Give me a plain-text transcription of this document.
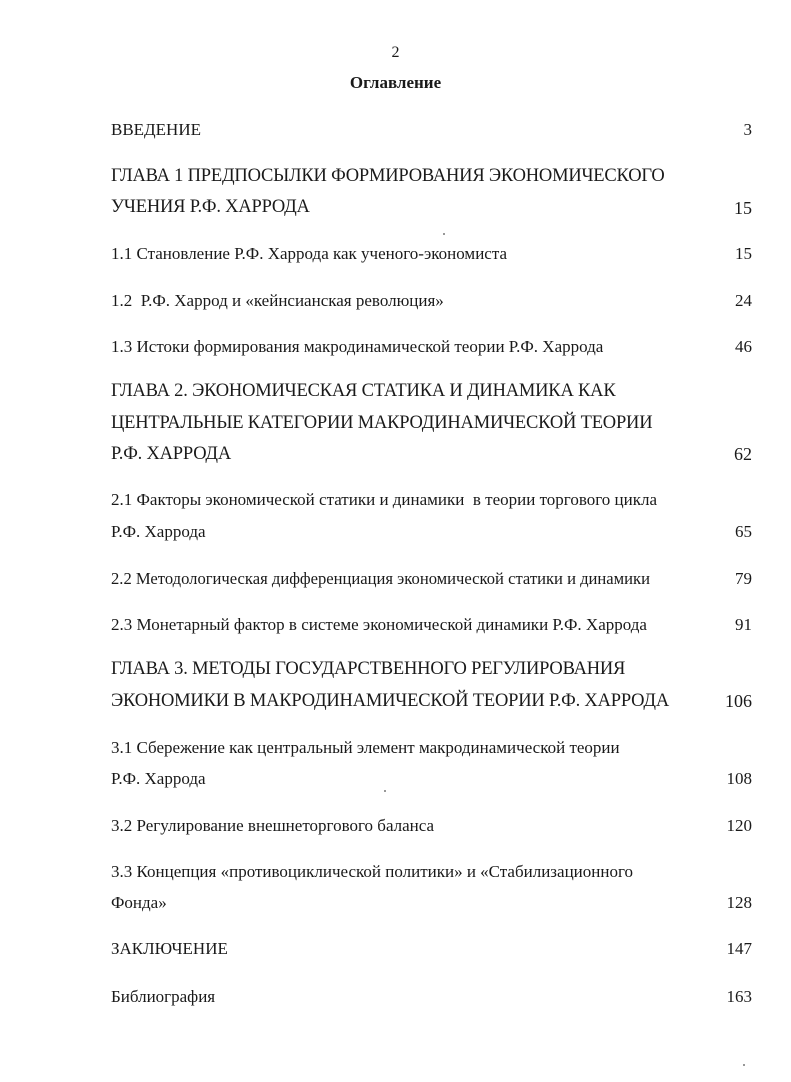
2
Оглавление
ВВЕДЕНИЕ	3
ГЛАВА 1 ПРЕДПОСЫЛКИ ФОРМИРОВАНИЯ ЭКОНОМИЧЕСКОГО
УЧЕНИЯ Р.Ф. ХАРРОДА	15
1.1 Становление Р.Ф. Харрода как ученого-экономиста	15
1.2  Р.Ф. Харрод и «кейнсианская революция»	24
1.3 Истоки формирования макродинамической теории Р.Ф. Харрода	46
ГЛАВА 2. ЭКОНОМИЧЕСКАЯ СТАТИКА И ДИНАМИКА КАК
ЦЕНТРАЛЬНЫЕ КАТЕГОРИИ МАКРОДИНАМИЧЕСКОЙ ТЕОРИИ
Р.Ф. ХАРРОДА	62
2.1 Факторы экономической статики и динамики  в теории торгового цикла
Р.Ф. Харрода	65
2.2 Методологическая дифференциация экономической статики и динамики	79
2.3 Монетарный фактор в системе экономической динамики Р.Ф. Харрода	91
ГЛАВА 3. МЕТОДЫ ГОСУДАРСТВЕННОГО РЕГУЛИРОВАНИЯ
ЭКОНОМИКИ В МАКРОДИНАМИЧЕСКОЙ ТЕОРИИ Р.Ф. ХАРРОДА	106
3.1 Сбережение как центральный элемент макродинамической теории
Р.Ф. Харрода	108
3.2 Регулирование внешнеторгового баланса	120
3.3 Концепция «противоциклической политики» и «Стабилизационного
Фонда»	128
ЗАКЛЮЧЕНИЕ	147
Библиография	163
